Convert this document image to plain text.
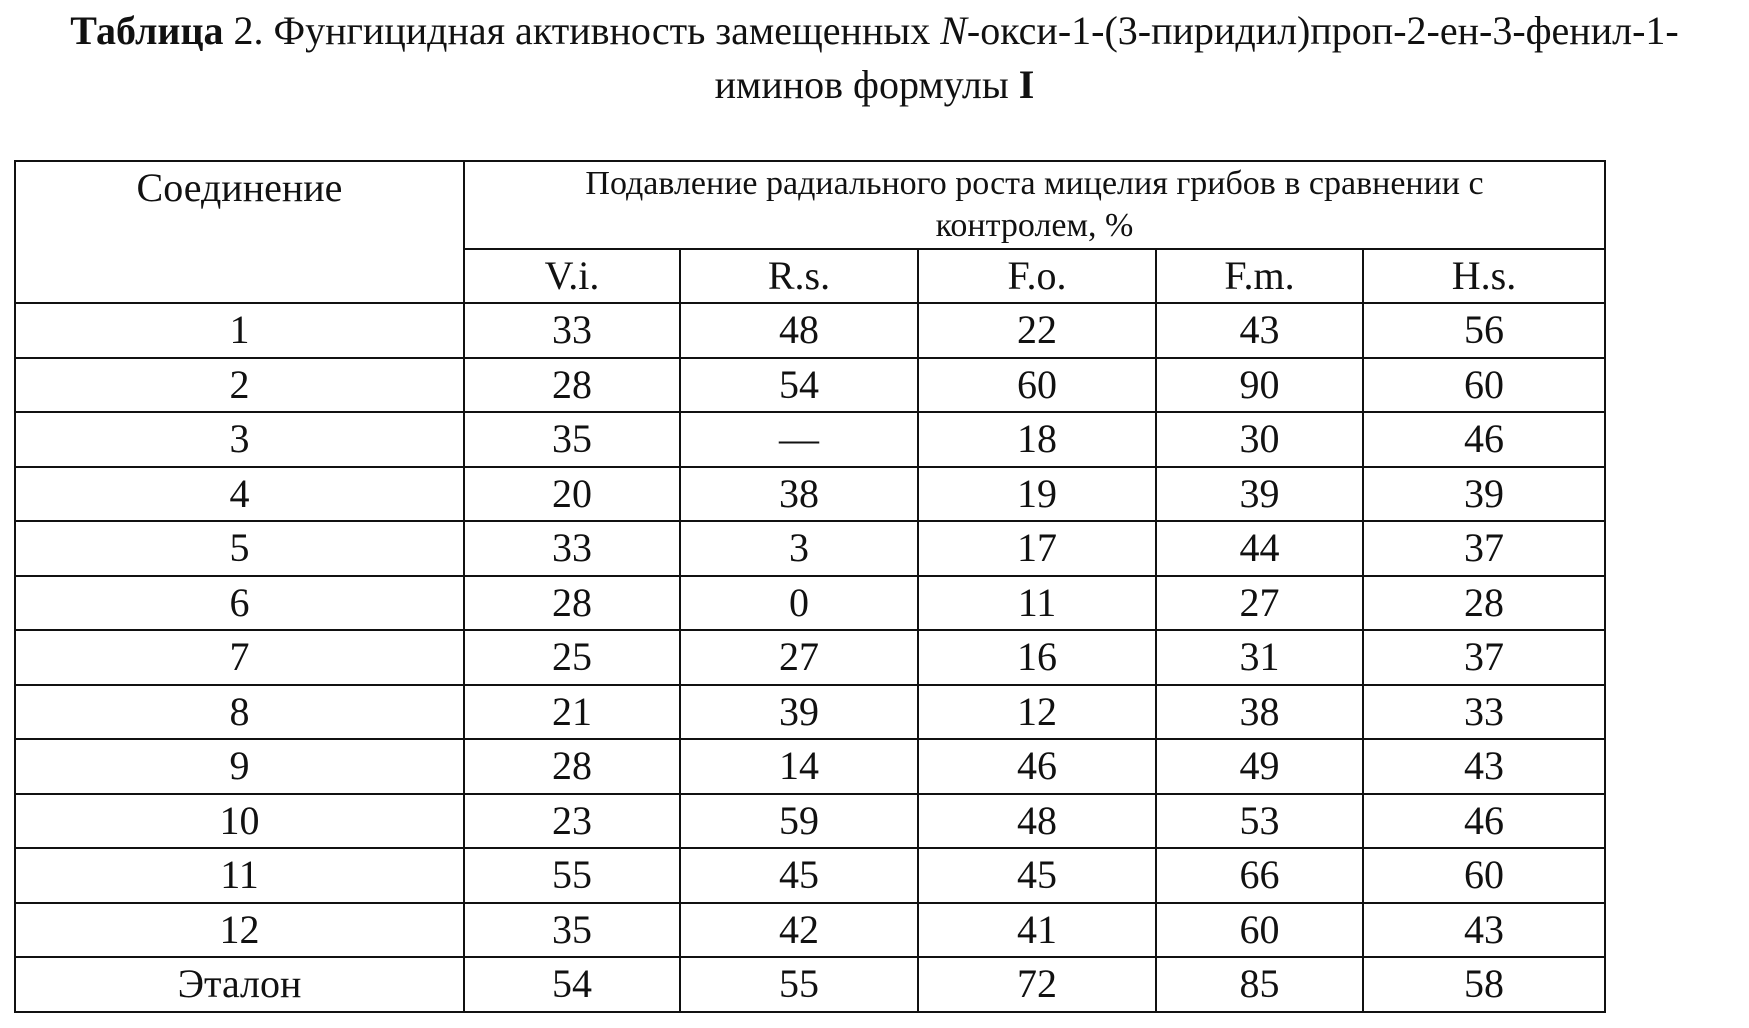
Таблица 2. Фунгицидная активность замещенных N-окси-1-(3-пиридил)проп-2-ен-3-фенил-1-иминов формулы I
Соединение	Подавление радиального роста мицелия грибов в сравнении с контролем, %				
	V.i.	R.s.	F.o.	F.m.	H.s.
1	33	48	22	43	56
2	28	54	60	90	60
3	35	—	18	30	46
4	20	38	19	39	39
5	33	3	17	44	37
6	28	0	11	27	28
7	25	27	16	31	37
8	21	39	12	38	33
9	28	14	46	49	43
10	23	59	48	53	46
11	55	45	45	66	60
12	35	42	41	60	43
Эталон	54	55	72	85	58
